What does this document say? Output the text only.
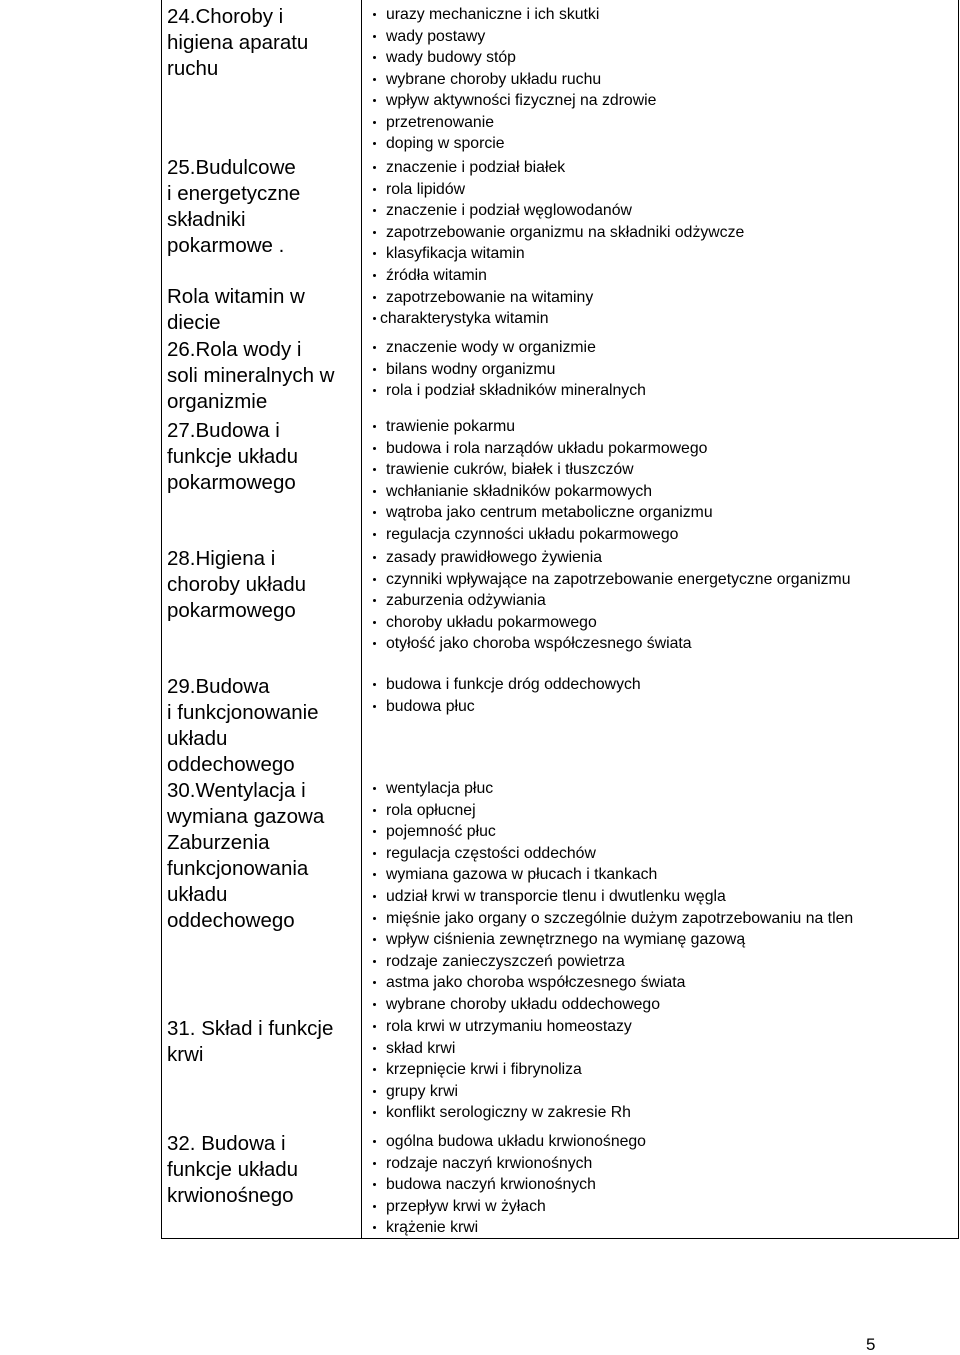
24.Choroby i
higiena aparatu
ruchu
25.Budulcowe
i energetyczne
składniki
pokarmowe .
Rola witamin w
diecie
26.Rola wody i
soli mineralnych w
organizmie
27.Budowa i
funkcje układu
pokarmowego
28.Higiena i
choroby układu
pokarmowego
29.Budowa
i funkcjonowanie
układu
oddechowego
30.Wentylacja i
wymiana gazowa
Zaburzenia
funkcjonowania
układu
oddechowego
31. Skład i funkcje
krwi
32. Budowa i
funkcje układu
krwionośnego
urazy mechaniczne i ich skutki
wady postawy
wady budowy stóp
wybrane choroby układu ruchu
wpływ aktywności fizycznej na zdrowie
przetrenowanie
doping w sporcie
znaczenie i podział białek
rola lipidów
znaczenie i podział węglowodanów
zapotrzebowanie organizmu na składniki odżywcze
klasyfikacja witamin
źródła witamin
zapotrzebowanie na witaminy
charakterystyka witamin
znaczenie wody w organizmie
bilans wodny organizmu
rola i podział składników mineralnych
trawienie pokarmu
budowa i rola narządów układu pokarmowego
trawienie cukrów, białek i tłuszczów
wchłanianie składników pokarmowych
wątroba jako centrum metaboliczne organizmu
regulacja czynności układu pokarmowego
zasady prawidłowego żywienia
czynniki wpływające na zapotrzebowanie energetyczne organizmu
zaburzenia odżywiania
choroby układu pokarmowego
otyłość jako choroba współczesnego świata
budowa i funkcje dróg oddechowych
budowa płuc
wentylacja płuc
rola opłucnej
pojemność płuc
regulacja częstości oddechów
wymiana gazowa w płucach i tkankach
udział krwi w transporcie tlenu i dwutlenku węgla
mięśnie jako organy o szczególnie dużym zapotrzebowaniu na tlen
wpływ ciśnienia zewnętrznego na wymianę gazową
rodzaje zanieczyszczeń powietrza
astma jako choroba współczesnego świata
wybrane choroby układu oddechowego
rola krwi w utrzymaniu homeostazy
skład krwi
krzepnięcie krwi i fibrynoliza
grupy krwi
konflikt serologiczny w zakresie Rh
ogólna budowa układu krwionośnego
rodzaje naczyń krwionośnych
budowa naczyń krwionośnych
przepływ krwi w żyłach
krążenie krwi
5
